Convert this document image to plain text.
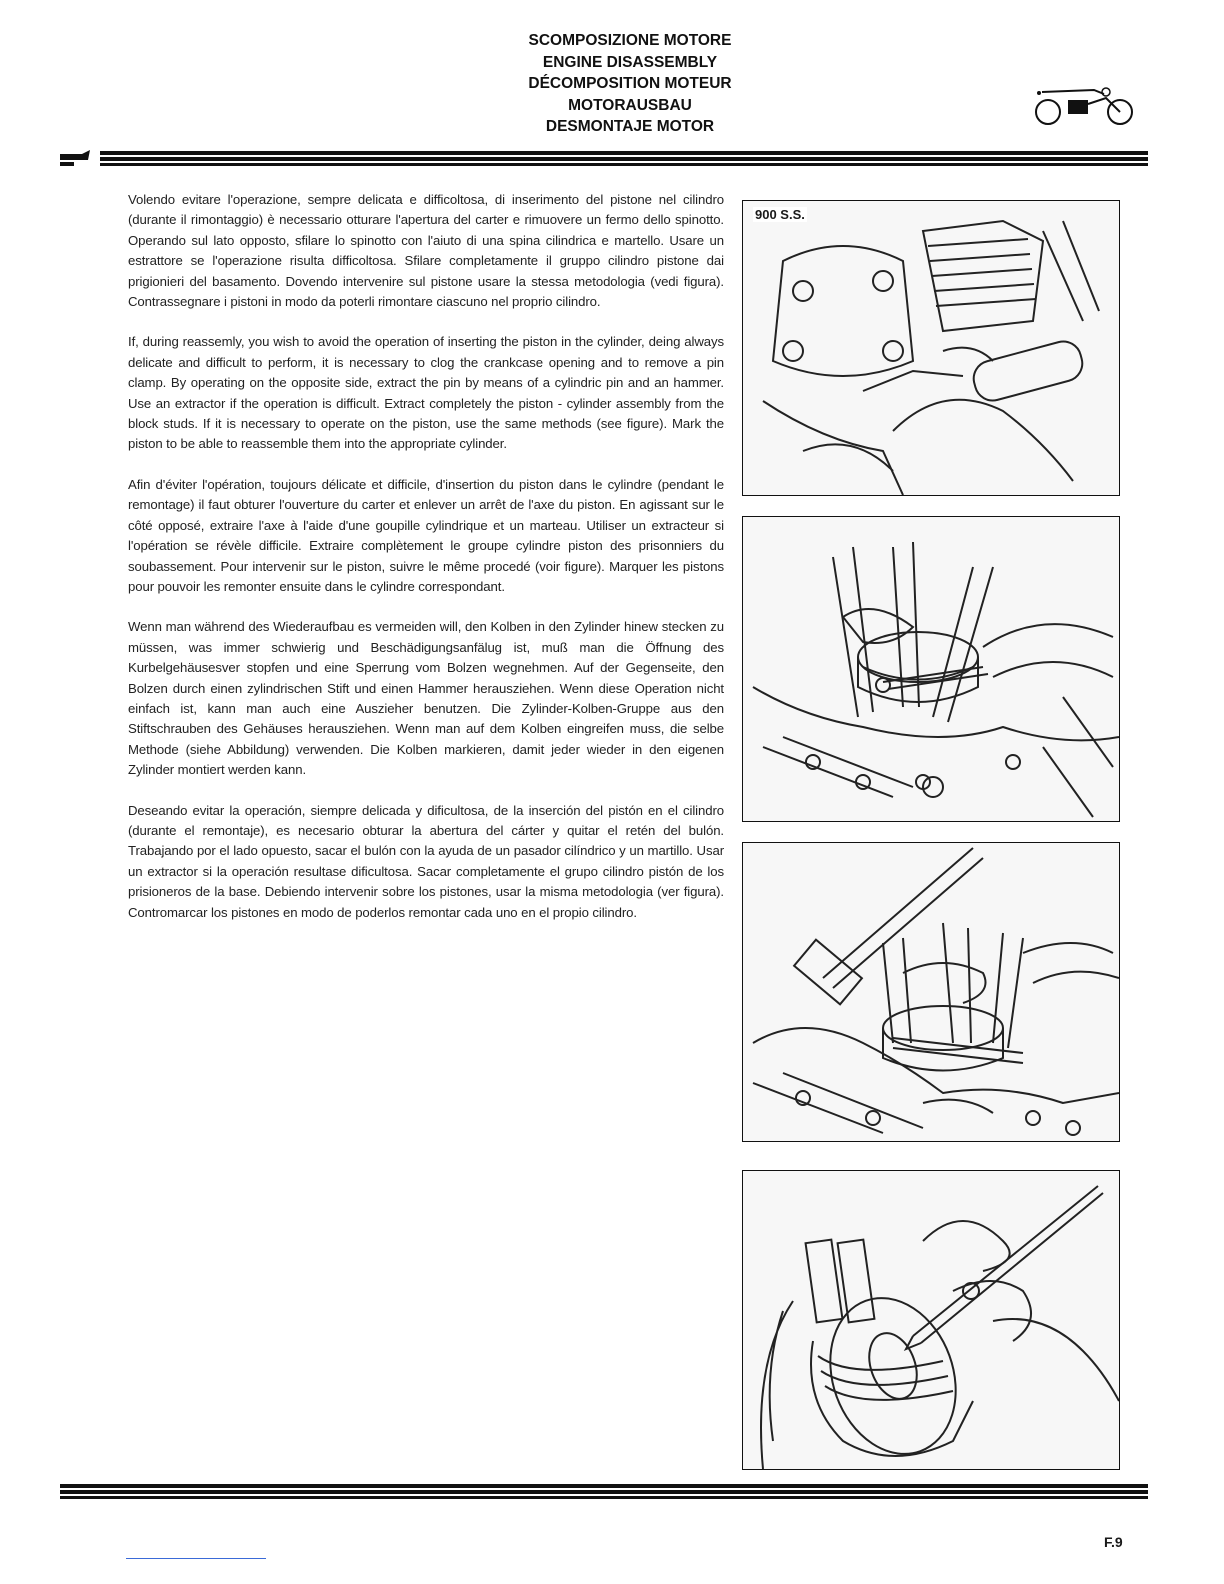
SCOMPOSIZIONE MOTORE
ENGINE DISASSEMBLY
DÉCOMPOSITION MOTEUR
MOTORAUSBAU
DESMONTAJE MOTOR

Volendo evitare l'operazione, sempre delicata e difficoltosa, di inserimento del pistone nel cilindro (durante il rimontaggio) è necessario otturare l'apertura del carter e rimuovere un fermo dello spinotto. Operando sul lato opposto, sfilare lo spinotto con l'aiuto di una spina cilindrica e martello. Usare un estrattore se l'operazione risulta difficoltosa. Sfilare completamente il gruppo cilindro pistone dai prigionieri del basamento. Dovendo intervenire sul pistone usare la stessa metodologia (vedi figura). Contrassegnare i pistoni in modo da poterli rimontare ciascuno nel proprio cilindro.

If, during reassemly, you wish to avoid the operation of inserting the piston in the cylinder, deing always delicate and difficult to perform, it is necessary to clog the crankcase opening and to remove a pin clamp. By operating on the opposite side, extract the pin by means of a cylindric pin and an hammer. Use an extractor if the operation is difficult. Extract completely the piston - cylinder assembly from the block studs. If it is necessary to operate on the piston, use the same methods (see figure). Mark the piston to be able to reassemble them into the appropriate cylinder.

Afin d'éviter l'opération, toujours délicate et difficile, d'insertion du piston dans le cylindre (pendant le remontage) il faut obturer l'ouverture du carter et enlever un arrêt de l'axe du piston. En agissant sur le côté opposé, extraire l'axe à l'aide d'une goupille cylindrique et un marteau. Utiliser un extracteur si l'opération se révèle difficile. Extraire complètement le groupe cylindre piston des prisonniers du soubassement. Pour intervenir sur le piston, suivre le même procedé (voir figure). Marquer les pistons pour pouvoir les remonter ensuite dans le cylindre correspondant.

Wenn man während des Wiederaufbau es vermeiden will, den Kolben in den Zylinder hinew stecken zu müssen, was immer schwierig und Beschädigungsanfälug ist, muß man die Öffnung des Kurbelgehäusesver stopfen und eine Sperrung vom Bolzen wegnehmen. Auf der Gegenseite, den Bolzen durch einen zylindrischen Stift und einen Hammer herausziehen. Wenn diese Operation nicht einfach ist, kann man auch eine Auszieher benutzen. Die Zylinder-Kolben-Gruppe aus den Stiftschrauben des Gehäuses herausziehen. Wenn man auf dem Kolben eingreifen muss, die selbe Methode (siehe Abbildung) verwenden. Die Kolben markieren, damit jeder wieder in den eigenen Zylinder montiert werden kann.

Deseando evitar la operación, siempre delicada y dificultosa, de la inserción del pistón en el cilindro (durante el remontaje), es necesario obturar la abertura del cárter y quitar el retén del bulón. Trabajando por el lado opuesto, sacar el bulón con la ayuda de un pasador cilíndrico y un martillo. Usar un extractor si la operación resultase dificultosa. Sacar completamente el grupo cilindro pistón de los prisioneros de la base. Debiendo intervenir sobre los pistones, usar la misma metodologia (ver figura). Contromarcar los pistones en modo de poderlos remontar cada uno en el propio cilindro.

900 S.S.
F.9
